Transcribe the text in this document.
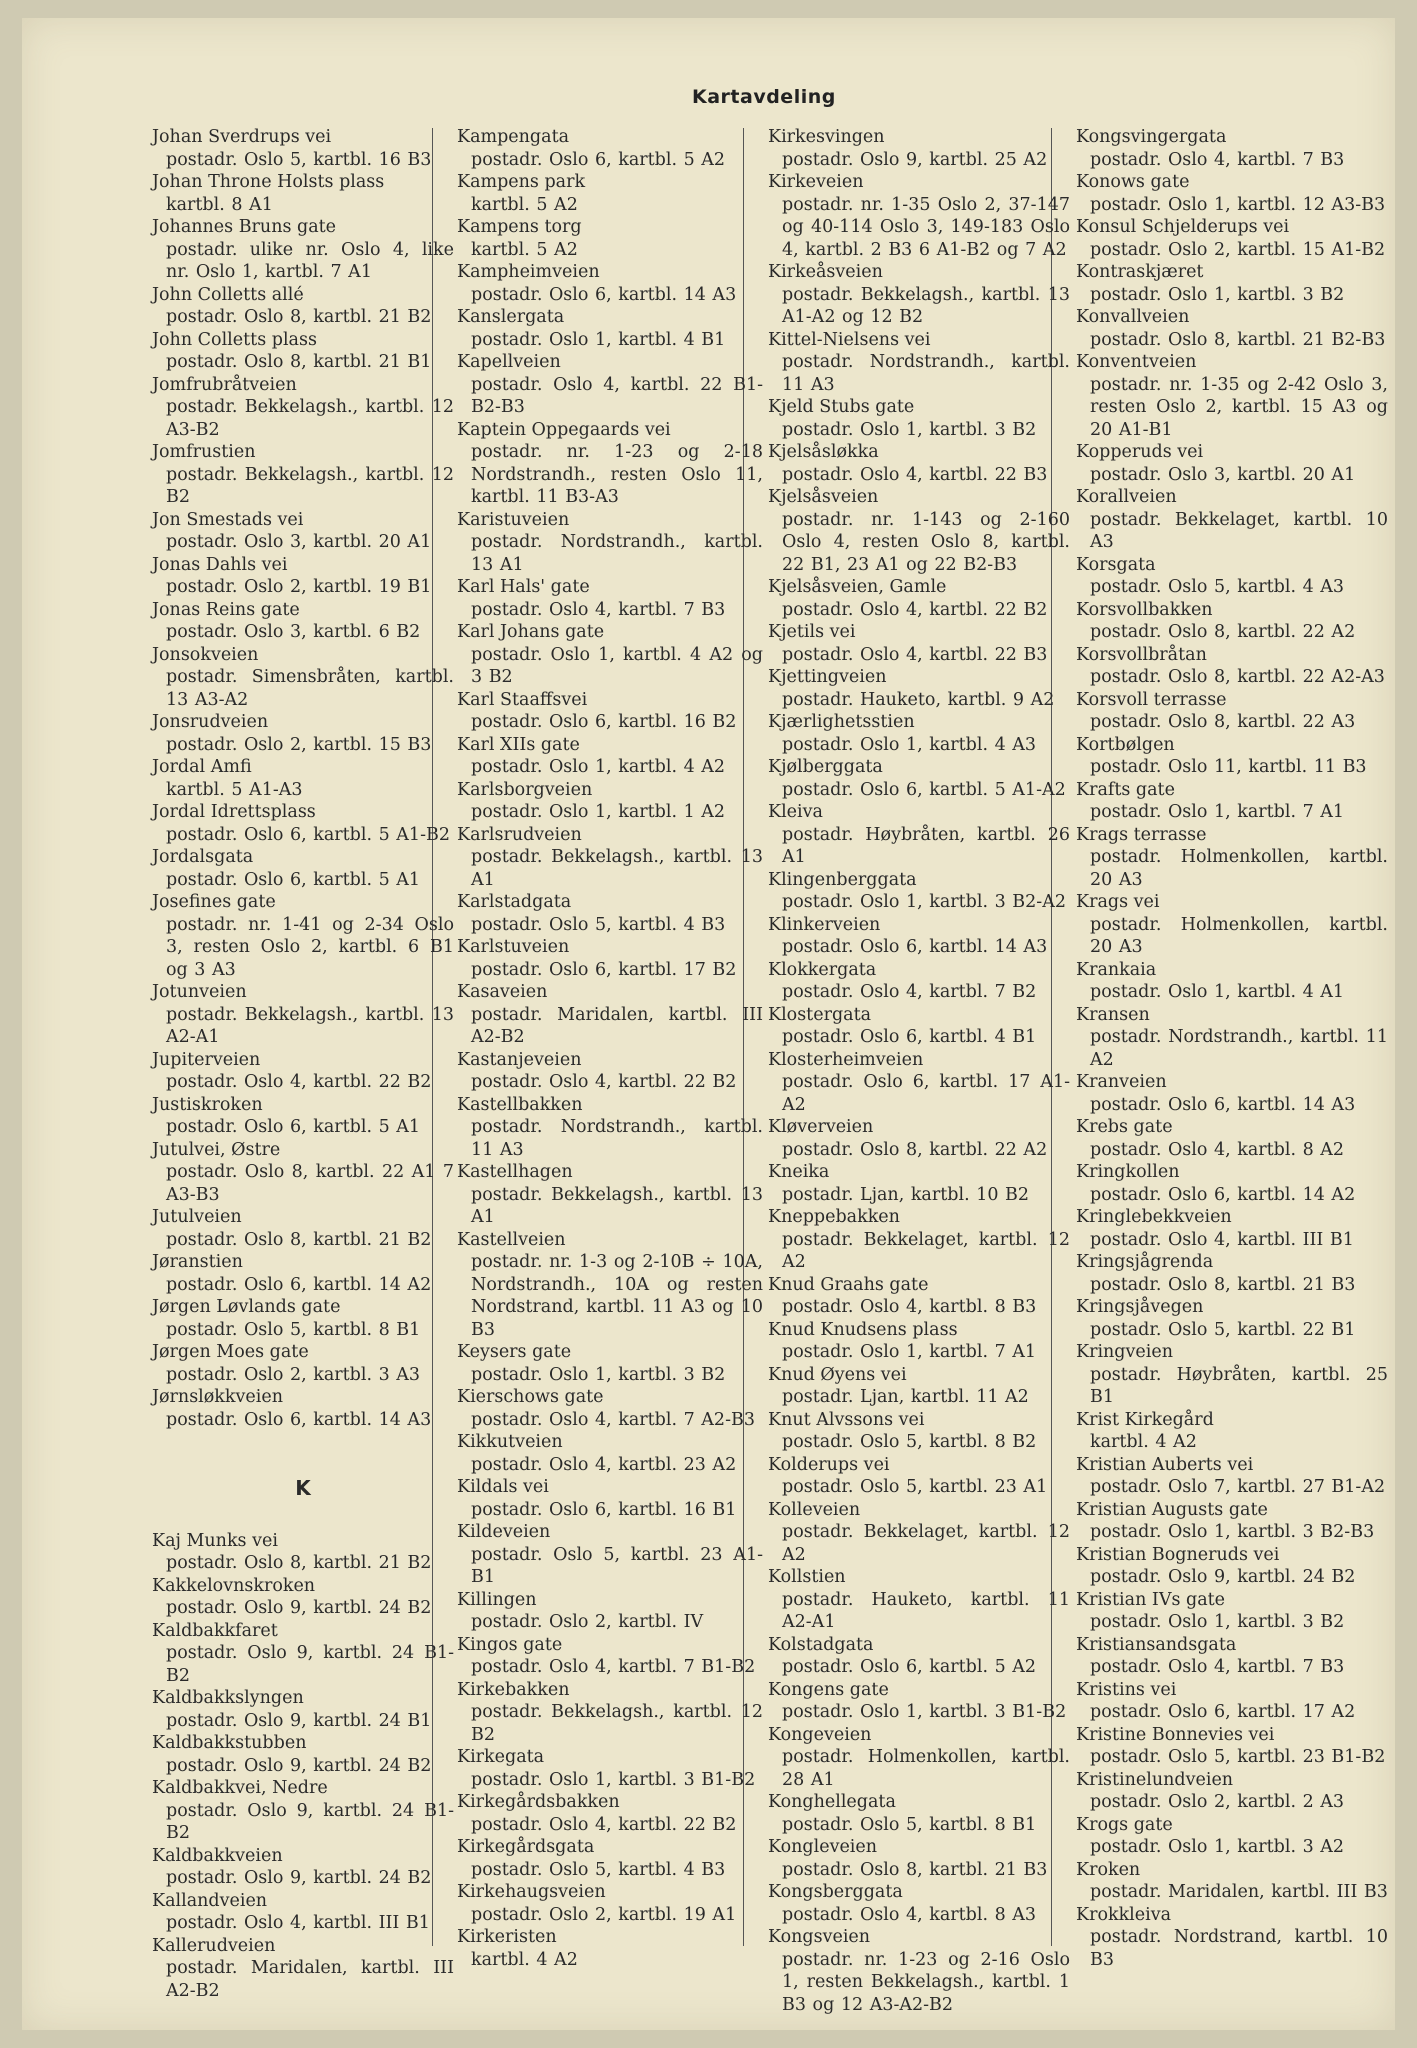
Kartavdeling
Johan Sverdrups vei
postadr. Oslo 5, kartbl. 16 B3
Johan Throne Holsts plass
kartbl. 8 A1
Johannes Bruns gate
postadr. ulike nr. Oslo 4, like nr. Oslo 1, kartbl. 7 A1
John Colletts allé
postadr. Oslo 8, kartbl. 21 B2
John Colletts plass
postadr. Oslo 8, kartbl. 21 B1
Jomfrubråtveien
postadr. Bekkelagsh., kartbl. 12 A3-B2
Jomfrustien
postadr. Bekkelagsh., kartbl. 12 B2
Jon Smestads vei
postadr. Oslo 3, kartbl. 20 A1
Jonas Dahls vei
postadr. Oslo 2, kartbl. 19 B1
Jonas Reins gate
postadr. Oslo 3, kartbl. 6 B2
Jonsokveien
postadr. Simensbråten, kartbl. 13 A3-A2
Jonsrudveien
postadr. Oslo 2, kartbl. 15 B3
Jordal Amfi
kartbl. 5 A1-A3
Jordal Idrettsplass
postadr. Oslo 6, kartbl. 5 A1-B2
Jordalsgata
postadr. Oslo 6, kartbl. 5 A1
Josefines gate
postadr. nr. 1-41 og 2-34 Oslo 3, resten Oslo 2, kartbl. 6 B1 og 3 A3
Jotunveien
postadr. Bekkelagsh., kartbl. 13 A2-A1
Jupiterveien
postadr. Oslo 4, kartbl. 22 B2
Justiskroken
postadr. Oslo 6, kartbl. 5 A1
Jutulvei, Østre
postadr. Oslo 8, kartbl. 22 A1 7 A3-B3
Jutulveien
postadr. Oslo 8, kartbl. 21 B2
Jøranstien
postadr. Oslo 6, kartbl. 14 A2
Jørgen Løvlands gate
postadr. Oslo 5, kartbl. 8 B1
Jørgen Moes gate
postadr. Oslo 2, kartbl. 3 A3
Jørnsløkkveien
postadr. Oslo 6, kartbl. 14 A3
K
Kaj Munks vei
postadr. Oslo 8, kartbl. 21 B2
Kakkelovnskroken
postadr. Oslo 9, kartbl. 24 B2
Kaldbakkfaret
postadr. Oslo 9, kartbl. 24 B1-B2
Kaldbakkslyngen
postadr. Oslo 9, kartbl. 24 B1
Kaldbakkstubben
postadr. Oslo 9, kartbl. 24 B2
Kaldbakkvei, Nedre
postadr. Oslo 9, kartbl. 24 B1-B2
Kaldbakkveien
postadr. Oslo 9, kartbl. 24 B2
Kallandveien
postadr. Oslo 4, kartbl. III B1
Kallerudveien
postadr. Maridalen, kartbl. III A2-B2
Kampengata
postadr. Oslo 6, kartbl. 5 A2
Kampens park
kartbl. 5 A2
Kampens torg
kartbl. 5 A2
Kampheimveien
postadr. Oslo 6, kartbl. 14 A3
Kanslergata
postadr. Oslo 1, kartbl. 4 B1
Kapellveien
postadr. Oslo 4, kartbl. 22 B1-B2-B3
Kaptein Oppegaards vei
postadr. nr. 1-23 og 2-18 Nordstrandh., resten Oslo 11, kartbl. 11 B3-A3
Karistuveien
postadr. Nordstrandh., kartbl. 13 A1
Karl Hals' gate
postadr. Oslo 4, kartbl. 7 B3
Karl Johans gate
postadr. Oslo 1, kartbl. 4 A2 og 3 B2
Karl Staaffsvei
postadr. Oslo 6, kartbl. 16 B2
Karl XIIs gate
postadr. Oslo 1, kartbl. 4 A2
Karlsborgveien
postadr. Oslo 1, kartbl. 1 A2
Karlsrudveien
postadr. Bekkelagsh., kartbl. 13 A1
Karlstadgata
postadr. Oslo 5, kartbl. 4 B3
Karlstuveien
postadr. Oslo 6, kartbl. 17 B2
Kasaveien
postadr. Maridalen, kartbl. III A2-B2
Kastanjeveien
postadr. Oslo 4, kartbl. 22 B2
Kastellbakken
postadr. Nordstrandh., kartbl. 11 A3
Kastellhagen
postadr. Bekkelagsh., kartbl. 13 A1
Kastellveien
postadr. nr. 1-3 og 2-10B ÷ 10A, Nordstrandh., 10A og resten Nordstrand, kartbl. 11 A3 og 10 B3
Keysers gate
postadr. Oslo 1, kartbl. 3 B2
Kierschows gate
postadr. Oslo 4, kartbl. 7 A2-B3
Kikkutveien
postadr. Oslo 4, kartbl. 23 A2
Kildals vei
postadr. Oslo 6, kartbl. 16 B1
Kildeveien
postadr. Oslo 5, kartbl. 23 A1-B1
Killingen
postadr. Oslo 2, kartbl. IV
Kingos gate
postadr. Oslo 4, kartbl. 7 B1-B2
Kirkebakken
postadr. Bekkelagsh., kartbl. 12 B2
Kirkegata
postadr. Oslo 1, kartbl. 3 B1-B2
Kirkegårdsbakken
postadr. Oslo 4, kartbl. 22 B2
Kirkegårdsgata
postadr. Oslo 5, kartbl. 4 B3
Kirkehaugsveien
postadr. Oslo 2, kartbl. 19 A1
Kirkeristen
kartbl. 4 A2
Kirkesvingen
postadr. Oslo 9, kartbl. 25 A2
Kirkeveien
postadr. nr. 1-35 Oslo 2, 37-147 og 40-114 Oslo 3, 149-183 Oslo 4, kartbl. 2 B3 6 A1-B2 og 7 A2
Kirkeåsveien
postadr. Bekkelagsh., kartbl. 13 A1-A2 og 12 B2
Kittel-Nielsens vei
postadr. Nordstrandh., kartbl. 11 A3
Kjeld Stubs gate
postadr. Oslo 1, kartbl. 3 B2
Kjelsåsløkka
postadr. Oslo 4, kartbl. 22 B3
Kjelsåsveien
postadr. nr. 1-143 og 2-160 Oslo 4, resten Oslo 8, kartbl. 22 B1, 23 A1 og 22 B2-B3
Kjelsåsveien, Gamle
postadr. Oslo 4, kartbl. 22 B2
Kjetils vei
postadr. Oslo 4, kartbl. 22 B3
Kjettingveien
postadr. Hauketo, kartbl. 9 A2
Kjærlighetsstien
postadr. Oslo 1, kartbl. 4 A3
Kjølberggata
postadr. Oslo 6, kartbl. 5 A1-A2
Kleiva
postadr. Høybråten, kartbl. 26 A1
Klingenberggata
postadr. Oslo 1, kartbl. 3 B2-A2
Klinkerveien
postadr. Oslo 6, kartbl. 14 A3
Klokkergata
postadr. Oslo 4, kartbl. 7 B2
Klostergata
postadr. Oslo 6, kartbl. 4 B1
Klosterheimveien
postadr. Oslo 6, kartbl. 17 A1-A2
Kløverveien
postadr. Oslo 8, kartbl. 22 A2
Kneika
postadr. Ljan, kartbl. 10 B2
Kneppebakken
postadr. Bekkelaget, kartbl. 12 A2
Knud Graahs gate
postadr. Oslo 4, kartbl. 8 B3
Knud Knudsens plass
postadr. Oslo 1, kartbl. 7 A1
Knud Øyens vei
postadr. Ljan, kartbl. 11 A2
Knut Alvssons vei
postadr. Oslo 5, kartbl. 8 B2
Kolderups vei
postadr. Oslo 5, kartbl. 23 A1
Kolleveien
postadr. Bekkelaget, kartbl. 12 A2
Kollstien
postadr. Hauketo, kartbl. 11 A2-A1
Kolstadgata
postadr. Oslo 6, kartbl. 5 A2
Kongens gate
postadr. Oslo 1, kartbl. 3 B1-B2
Kongeveien
postadr. Holmenkollen, kartbl. 28 A1
Konghellegata
postadr. Oslo 5, kartbl. 8 B1
Kongleveien
postadr. Oslo 8, kartbl. 21 B3
Kongsberggata
postadr. Oslo 4, kartbl. 8 A3
Kongsveien
postadr. nr. 1-23 og 2-16 Oslo 1, resten Bekkelagsh., kartbl. 1 B3 og 12 A3-A2-B2
Kongsvingergata
postadr. Oslo 4, kartbl. 7 B3
Konows gate
postadr. Oslo 1, kartbl. 12 A3-B3
Konsul Schjelderups vei
postadr. Oslo 2, kartbl. 15 A1-B2
Kontraskjæret
postadr. Oslo 1, kartbl. 3 B2
Konvallveien
postadr. Oslo 8, kartbl. 21 B2-B3
Konventveien
postadr. nr. 1-35 og 2-42 Oslo 3, resten Oslo 2, kartbl. 15 A3 og 20 A1-B1
Kopperuds vei
postadr. Oslo 3, kartbl. 20 A1
Korallveien
postadr. Bekkelaget, kartbl. 10 A3
Korsgata
postadr. Oslo 5, kartbl. 4 A3
Korsvollbakken
postadr. Oslo 8, kartbl. 22 A2
Korsvollbråtan
postadr. Oslo 8, kartbl. 22 A2-A3
Korsvoll terrasse
postadr. Oslo 8, kartbl. 22 A3
Kortbølgen
postadr. Oslo 11, kartbl. 11 B3
Krafts gate
postadr. Oslo 1, kartbl. 7 A1
Krags terrasse
postadr. Holmenkollen, kartbl. 20 A3
Krags vei
postadr. Holmenkollen, kartbl. 20 A3
Krankaia
postadr. Oslo 1, kartbl. 4 A1
Kransen
postadr. Nordstrandh., kartbl. 11 A2
Kranveien
postadr. Oslo 6, kartbl. 14 A3
Krebs gate
postadr. Oslo 4, kartbl. 8 A2
Kringkollen
postadr. Oslo 6, kartbl. 14 A2
Kringlebekkveien
postadr. Oslo 4, kartbl. III B1
Kringsjågrenda
postadr. Oslo 8, kartbl. 21 B3
Kringsjåvegen
postadr. Oslo 5, kartbl. 22 B1
Kringveien
postadr. Høybråten, kartbl. 25 B1
Krist Kirkegård
kartbl. 4 A2
Kristian Auberts vei
postadr. Oslo 7, kartbl. 27 B1-A2
Kristian Augusts gate
postadr. Oslo 1, kartbl. 3 B2-B3
Kristian Bogneruds vei
postadr. Oslo 9, kartbl. 24 B2
Kristian IVs gate
postadr. Oslo 1, kartbl. 3 B2
Kristiansandsgata
postadr. Oslo 4, kartbl. 7 B3
Kristins vei
postadr. Oslo 6, kartbl. 17 A2
Kristine Bonnevies vei
postadr. Oslo 5, kartbl. 23 B1-B2
Kristinelundveien
postadr. Oslo 2, kartbl. 2 A3
Krogs gate
postadr. Oslo 1, kartbl. 3 A2
Kroken
postadr. Maridalen, kartbl. III B3
Krokkleiva
postadr. Nordstrand, kartbl. 10 B3
